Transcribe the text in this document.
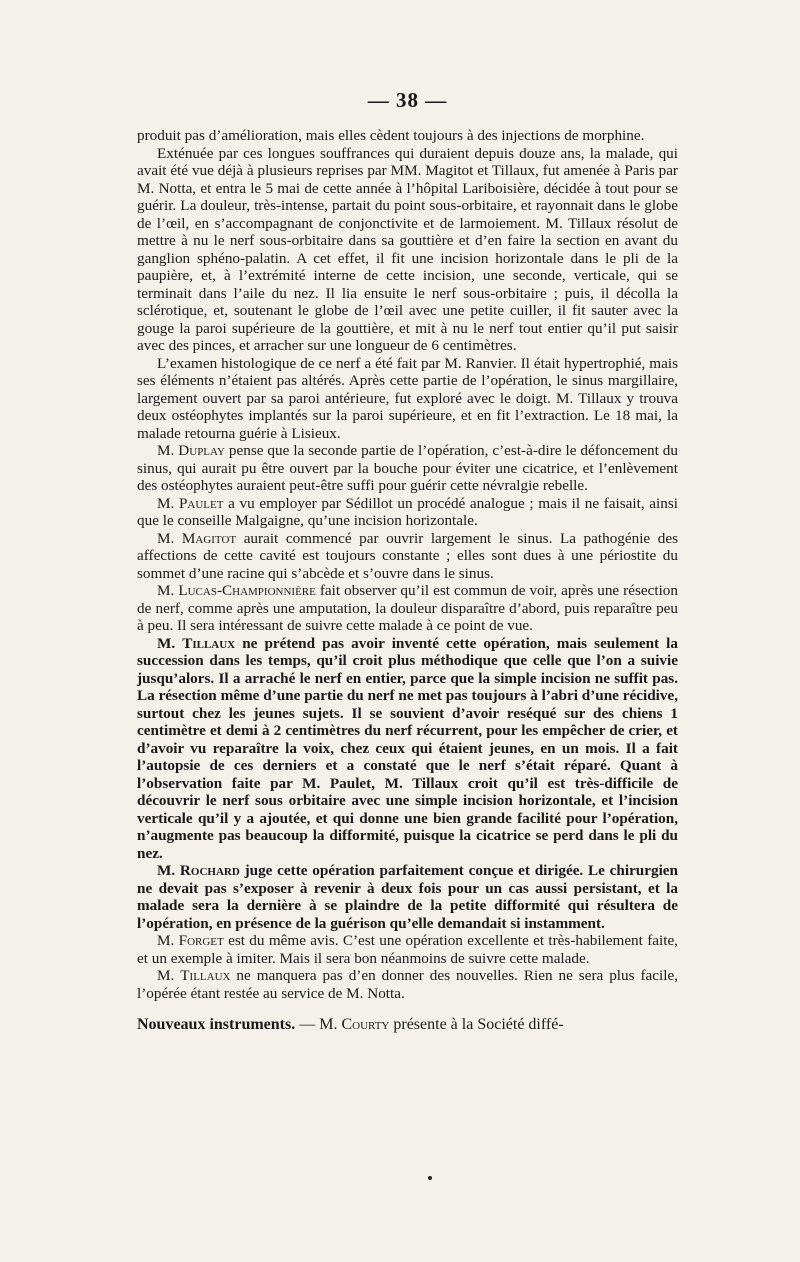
— 38 —

produit pas d’amélioration, mais elles cèdent toujours à des injections de morphine.

Exténuée par ces longues souffrances qui duraient depuis douze ans, la malade, qui avait été vue déjà à plusieurs reprises par MM. Magitot et Tillaux, fut amenée à Paris par M. Notta, et entra le 5 mai de cette année à l’hôpital Lariboisière, décidée à tout pour se guérir. La douleur, très-intense, partait du point sous-orbitaire, et rayonnait dans le globe de l’œil, en s’accompagnant de conjonctivite et de larmoiement. M. Tillaux résolut de mettre à nu le nerf sous-orbitaire dans sa gouttière et d’en faire la section en avant du ganglion sphéno-palatin. A cet effet, il fit une incision horizontale dans le pli de la paupière, et, à l’extrémité interne de cette incision, une seconde, verticale, qui se terminait dans l’aile du nez. Il lia ensuite le nerf sous-orbitaire ; puis, il décolla la sclérotique, et, soutenant le globe de l’œil avec une petite cuiller, il fit sauter avec la gouge la paroi supérieure de la gouttière, et mit à nu le nerf tout entier qu’il put saisir avec des pinces, et arracher sur une longueur de 6 centimètres.

L’examen histologique de ce nerf a été fait par M. Ranvier. Il était hypertrophié, mais ses éléments n’étaient pas altérés. Après cette partie de l’opération, le sinus margillaire, largement ouvert par sa paroi antérieure, fut exploré avec le doigt. M. Tillaux y trouva deux ostéophytes implantés sur la paroi supérieure, et en fit l’extraction. Le 18 mai, la malade retourna guérie à Lisieux.

M. Duplay pense que la seconde partie de l’opération, c’est-à-dire le défoncement du sinus, qui aurait pu être ouvert par la bouche pour éviter une cicatrice, et l’enlèvement des ostéophytes auraient peut-être suffi pour guérir cette névralgie rebelle.

M. Paulet a vu employer par Sédillot un procédé analogue ; mais il ne faisait, ainsi que le conseille Malgaigne, qu’une incision horizontale.

M. Magitot aurait commencé par ouvrir largement le sinus. La pathogénie des affections de cette cavité est toujours constante ; elles sont dues à une périostite du sommet d’une racine qui s’abcède et s’ouvre dans le sinus.

M. Lucas-Championnière fait observer qu’il est commun de voir, après une résection de nerf, comme après une amputation, la douleur disparaître d’abord, puis reparaître peu à peu. Il sera intéressant de suivre cette malade à ce point de vue.

M. Tillaux ne prétend pas avoir inventé cette opération, mais seulement la succession dans les temps, qu’il croit plus méthodique que celle que l’on a suivie jusqu’alors. Il a arraché le nerf en entier, parce que la simple incision ne suffit pas. La résection même d’une partie du nerf ne met pas toujours à l’abri d’une récidive, surtout chez les jeunes sujets. Il se souvient d’avoir reséqué sur des chiens 1 centimètre et demi à 2 centimètres du nerf récurrent, pour les empêcher de crier, et d’avoir vu reparaître la voix, chez ceux qui étaient jeunes, en un mois. Il a fait l’autopsie de ces derniers et a constaté que le nerf s’était réparé. Quant à l’observation faite par M. Paulet, M. Tillaux croit qu’il est très-difficile de découvrir le nerf sous orbitaire avec une simple incision horizontale, et l’incision verticale qu’il y a ajoutée, et qui donne une bien grande facilité pour l’opération, n’augmente pas beaucoup la difformité, puisque la cicatrice se perd dans le pli du nez.

M. Rochard juge cette opération parfaitement conçue et dirigée. Le chirurgien ne devait pas s’exposer à revenir à deux fois pour un cas aussi persistant, et la malade sera la dernière à se plaindre de la petite difformité qui résultera de l’opération, en présence de la guérison qu’elle demandait si instamment.

M. Forget est du même avis. C’est une opération excellente et très-habilement faite, et un exemple à imiter. Mais il sera bon néanmoins de suivre cette malade.

M. Tillaux ne manquera pas d’en donner des nouvelles. Rien ne sera plus facile, l’opérée étant restée au service de M. Notta.

Nouveaux instruments. — M. Courty présente à la Société diffé-
